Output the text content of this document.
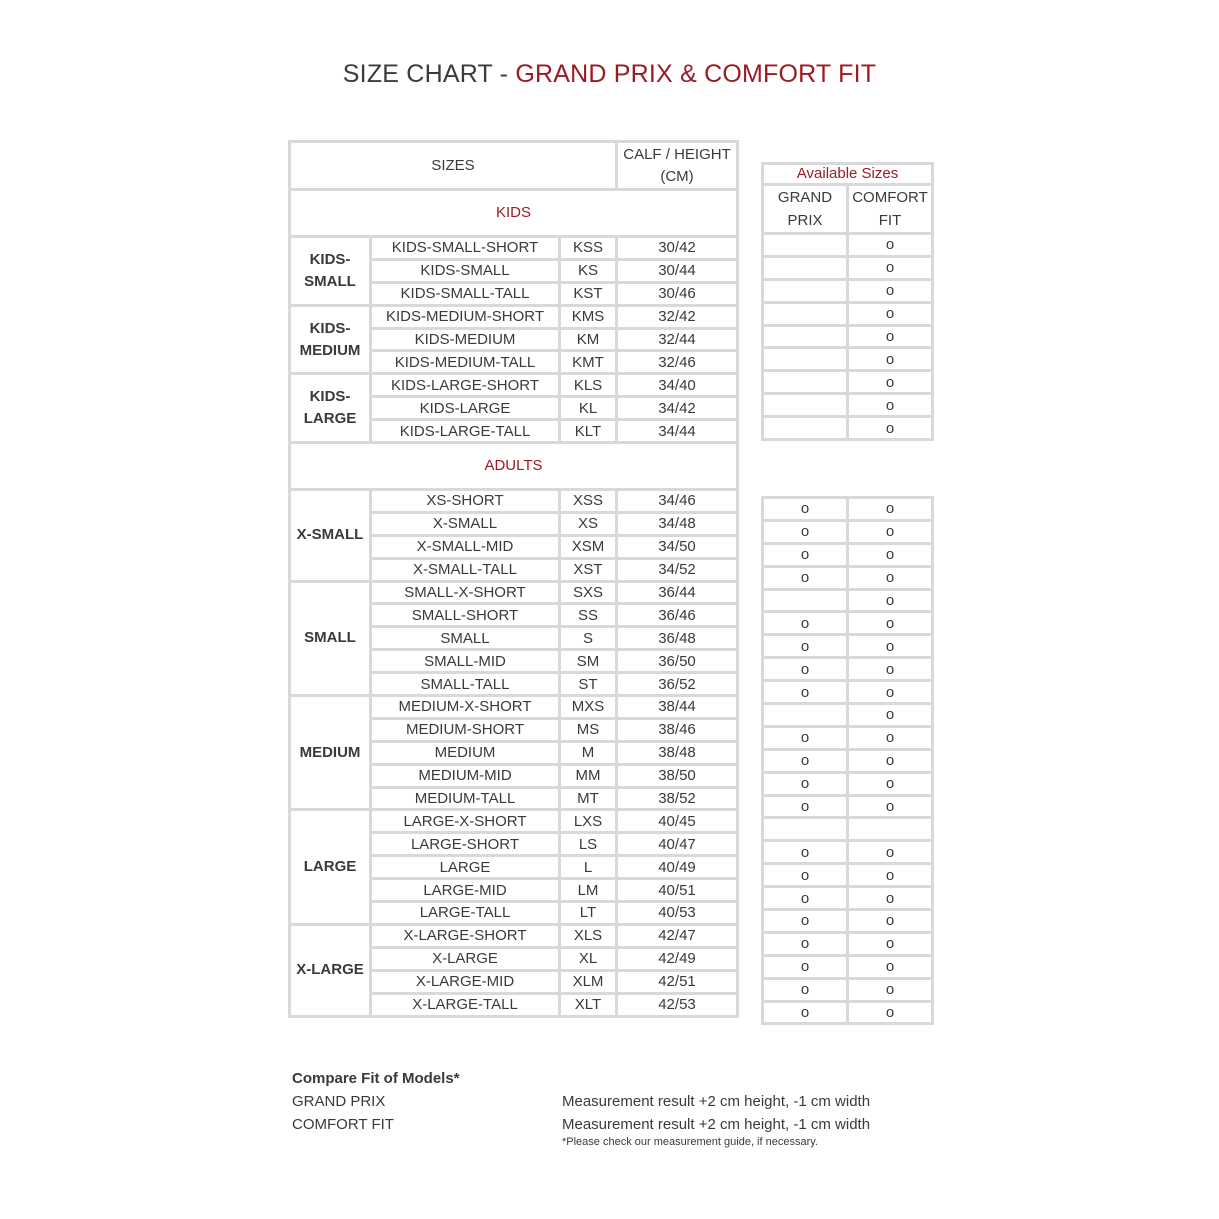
SIZE CHART - GRAND PRIX & COMFORT FIT
SIZES			CALF / HEIGHT (CM)
KIDS			
KIDS-
SMALL	KIDS-SMALL-SHORT	KSS	30/42
	KIDS-SMALL	KS	30/44
	KIDS-SMALL-TALL	KST	30/46
KIDS-
MEDIUM	KIDS-MEDIUM-SHORT	KMS	32/42
	KIDS-MEDIUM	KM	32/44
	KIDS-MEDIUM-TALL	KMT	32/46
KIDS-
LARGE	KIDS-LARGE-SHORT	KLS	34/40
	KIDS-LARGE	KL	34/42
	KIDS-LARGE-TALL	KLT	34/44
ADULTS			
X-SMALL	XS-SHORT	XSS	34/46
	X-SMALL	XS	34/48
	X-SMALL-MID	XSM	34/50
	X-SMALL-TALL	XST	34/52
SMALL	SMALL-X-SHORT	SXS	36/44
	SMALL-SHORT	SS	36/46
	SMALL	S	36/48
	SMALL-MID	SM	36/50
	SMALL-TALL	ST	36/52
MEDIUM	MEDIUM-X-SHORT	MXS	38/44
	MEDIUM-SHORT	MS	38/46
	MEDIUM	M	38/48
	MEDIUM-MID	MM	38/50
	MEDIUM-TALL	MT	38/52
LARGE	LARGE-X-SHORT	LXS	40/45
	LARGE-SHORT	LS	40/47
	LARGE	L	40/49
	LARGE-MID	LM	40/51
	LARGE-TALL	LT	40/53
X-LARGE	X-LARGE-SHORT	XLS	42/47
	X-LARGE	XL	42/49
	X-LARGE-MID	XLM	42/51
	X-LARGE-TALL	XLT	42/53
Available Sizes	
GRAND PRIX	COMFORT FIT
	o
	o
	o
	o
	o
	o
	o
	o
	o
o	o
o	o
o	o
o	o
	o
o	o
o	o
o	o
o	o
	o
o	o
o	o
o	o
o	o

o	o
o	o
o	o
o	o
o	o
o	o
o	o
o	o
Compare Fit of Models*
GRAND PRIX	Measurement result +2 cm height, -1 cm width
COMFORT FIT	Measurement result +2 cm height, -1 cm width
*Please check our measurement guide, if necessary.
